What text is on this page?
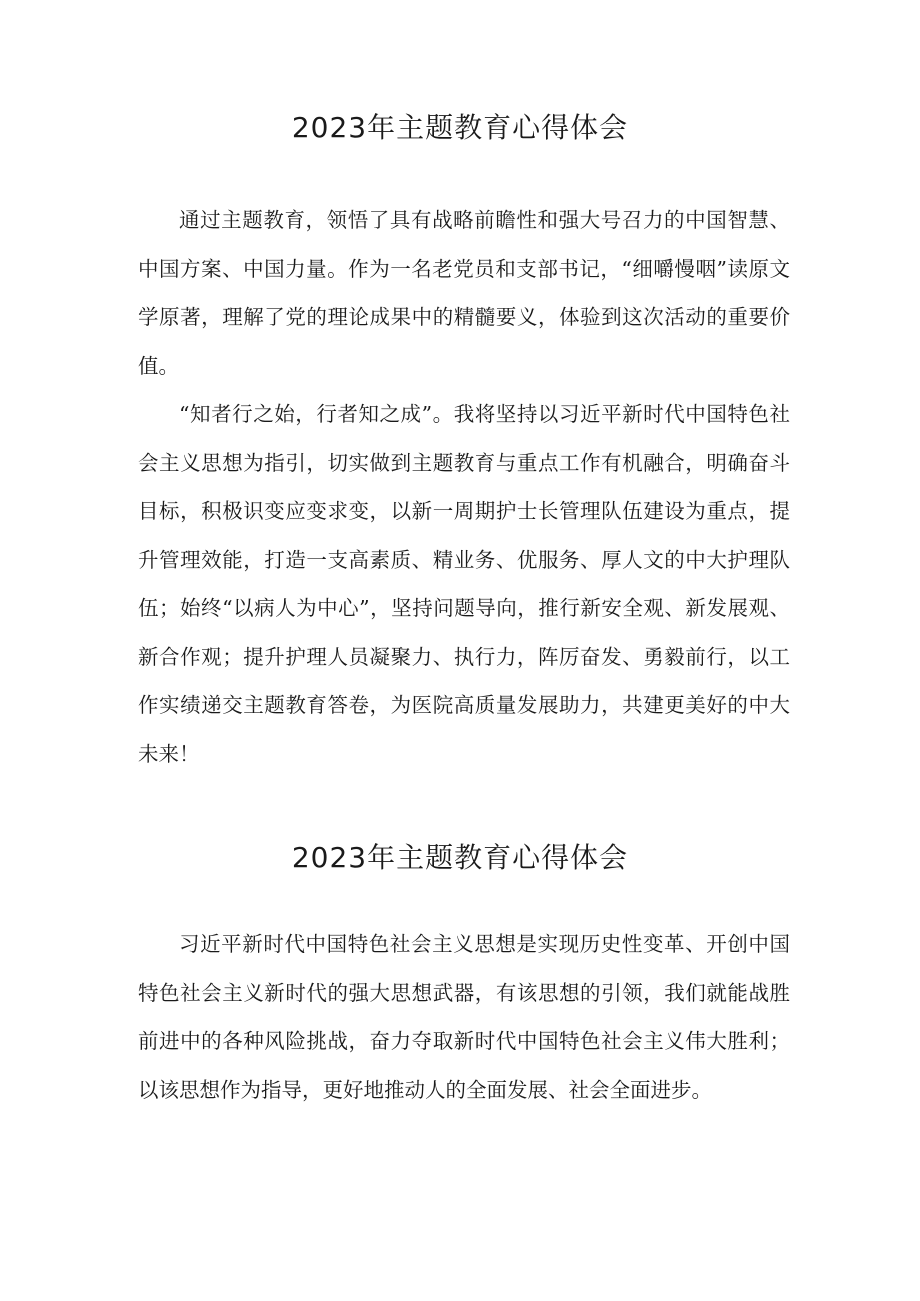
2023年主题教育心得体会

通过主题教育，领悟了具有战略前瞻性和强大号召力的中国智慧、中国方案、中国力量。作为一名老党员和支部书记，“细嚼慢咽”读原文学原著，理解了党的理论成果中的精髓要义，体验到这次活动的重要价值。

“知者行之始，行者知之成”。我将坚持以习近平新时代中国特色社会主义思想为指引，切实做到主题教育与重点工作有机融合，明确奋斗目标，积极识变应变求变，以新一周期护士长管理队伍建设为重点，提升管理效能，打造一支高素质、精业务、优服务、厚人文的中大护理队伍；始终“以病人为中心”，坚持问题导向，推行新安全观、新发展观、新合作观；提升护理人员凝聚力、执行力，阵厉奋发、勇毅前行，以工作实绩递交主题教育答卷，为医院高质量发展助力，共建更美好的中大未来！

2023年主题教育心得体会

习近平新时代中国特色社会主义思想是实现历史性变革、开创中国特色社会主义新时代的强大思想武器，有该思想的引领，我们就能战胜前进中的各种风险挑战，奋力夺取新时代中国特色社会主义伟大胜利；以该思想作为指导，更好地推动人的全面发展、社会全面进步。
